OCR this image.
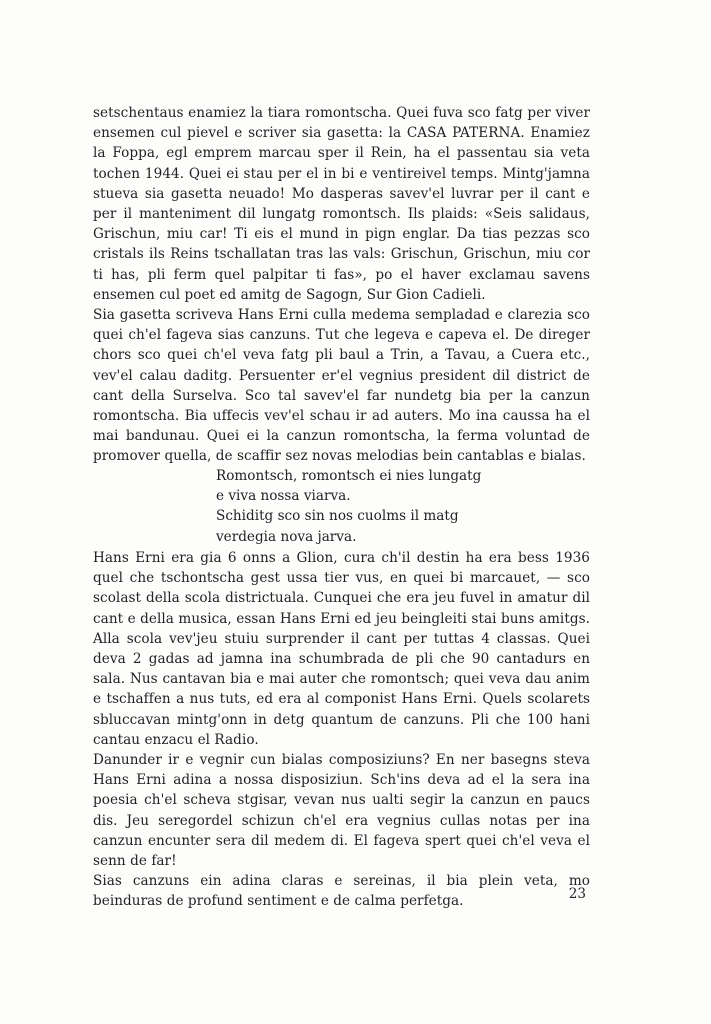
setschentaus enamiez la tiara romontscha. Quei fuva sco fatg per viver ensemen cul pievel e scriver sia gasetta: la CASA PATERNA. Enamiez la Foppa, egl emprem marcau sper il Rein, ha el passentau sia veta tochen 1944. Quei ei stau per el in bi e ventireivel temps. Mintg'jamna stueva sia gasetta neuado! Mo dasperas savev'el luvrar per il cant e per il manteniment dil lungatg romontsch. Ils plaids: «Seis salidaus, Grischun, miu car! Ti eis el mund in pign englar. Da tias pezzas sco cristals ils Reins tschallatan tras las vals: Grischun, Grischun, miu cor ti has, pli ferm quel palpitar ti fas», po el haver exclamau savens ensemen cul poet ed amitg de Sagogn, Sur Gion Cadieli.

Sia gasetta scriveva Hans Erni culla medema sempladad e clarezia sco quei ch'el fageva sias canzuns. Tut che legeva e capeva el. De direger chors sco quei ch'el veva fatg pli baul a Trin, a Tavau, a Cuera etc., vev'el calau daditg. Persuenter er'el vegnius president dil district de cant della Surselva. Sco tal savev'el far nundetg bia per la canzun romontscha. Bia uffecis vev'el schau ir ad auters. Mo ina caussa ha el mai bandunau. Quei ei la canzun romontscha, la ferma voluntad de promover quella, de scaffir sez novas melodias bein cantablas e bialas.

Romontsch, romontsch ei nies lungatg
e viva nossa viarva.
Schiditg sco sin nos cuolms il matg
verdegia nova jarva.

Hans Erni era gia 6 onns a Glion, cura ch'il destin ha era bess 1936 quel che tschontscha gest ussa tier vus, en quei bi marcauet, — sco scolast della scola districtuala. Cunquei che era jeu fuvel in amatur dil cant e della musica, essan Hans Erni ed jeu beingleiti stai buns amitgs. Alla scola vev'jeu stuiu surprender il cant per tuttas 4 classas. Quei deva 2 gadas ad jamna ina schumbrada de pli che 90 cantadurs en sala. Nus cantavan bia e mai auter che romontsch; quei veva dau anim e tschaffen a nus tuts, ed era al componist Hans Erni. Quels scolarets sbluccavan mintg'onn in detg quantum de canzuns. Pli che 100 hani cantau enzacu el Radio.

Danunder ir e vegnir cun bialas composiziuns? En ner basegns steva Hans Erni adina a nossa disposiziun. Sch'ins deva ad el la sera ina poesia ch'el scheva stgisar, vevan nus ualti segir la canzun en paucs dis. Jeu seregordel schizun ch'el era vegnius cullas notas per ina canzun encunter sera dil medem di. El fageva spert quei ch'el veva el senn de far!

Sias canzuns ein adina claras e sereinas, il bia plein veta, mo beinduras de profund sentiment e de calma perfetga.	23
